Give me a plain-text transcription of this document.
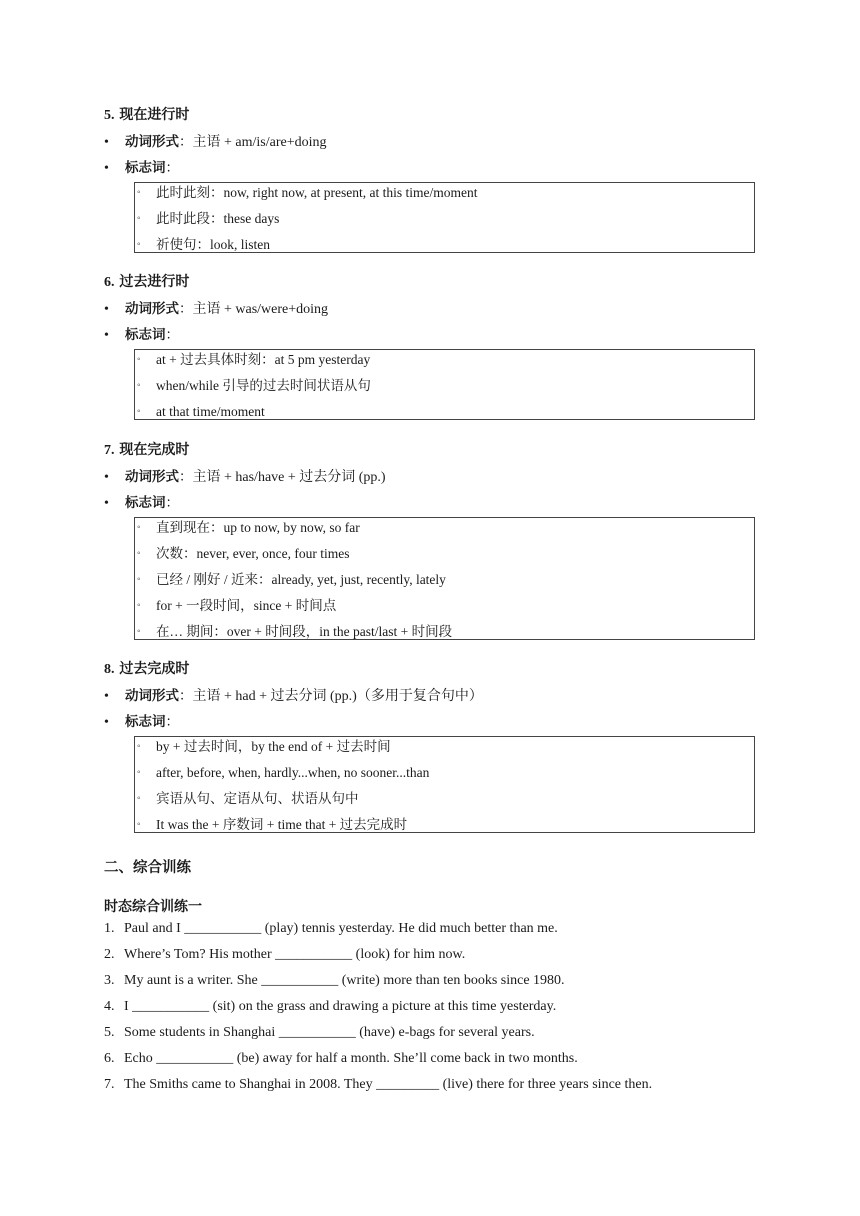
5. 现在进行时
• 动词形式：主语 + am/is/are+doing
• 标志词：
◦ 此时此刻：now, right now, at present, at this time/moment
◦ 此时此段：these days
◦ 祈使句：look, listen
6. 过去进行时
• 动词形式：主语 + was/were+doing
• 标志词：
◦ at + 过去具体时刻：at 5 pm yesterday
◦ when/while 引导的过去时间状语从句
◦ at that time/moment
7. 现在完成时
• 动词形式：主语 + has/have + 过去分词 (pp.)
• 标志词：
◦ 直到现在：up to now, by now, so far
◦ 次数：never, ever, once, four times
◦ 已经 / 刚好 / 近来：already, yet, just, recently, lately
◦ for + 一段时间，since + 时间点
◦ 在… 期间：over + 时间段，in the past/last + 时间段
8. 过去完成时
• 动词形式：主语 + had + 过去分词 (pp.)（多用于复合句中）
• 标志词：
◦ by + 过去时间，by the end of + 过去时间
◦ after, before, when, hardly...when, no sooner...than
◦ 宾语从句、定语从句、状语从句中
◦ It was the + 序数词 + time that + 过去完成时
二、综合训练
时态综合训练一
1. Paul and I ___________ (play) tennis yesterday. He did much better than me.
2. Where’s Tom? His mother ___________ (look) for him now.
3. My aunt is a writer. She ___________ (write) more than ten books since 1980.
4. I ___________ (sit) on the grass and drawing a picture at this time yesterday.
5. Some students in Shanghai ___________ (have) e-bags for several years.
6. Echo ___________ (be) away for half a month. She’ll come back in two months.
7. The Smiths came to Shanghai in 2008. They _________ (live) there for three years since then.
